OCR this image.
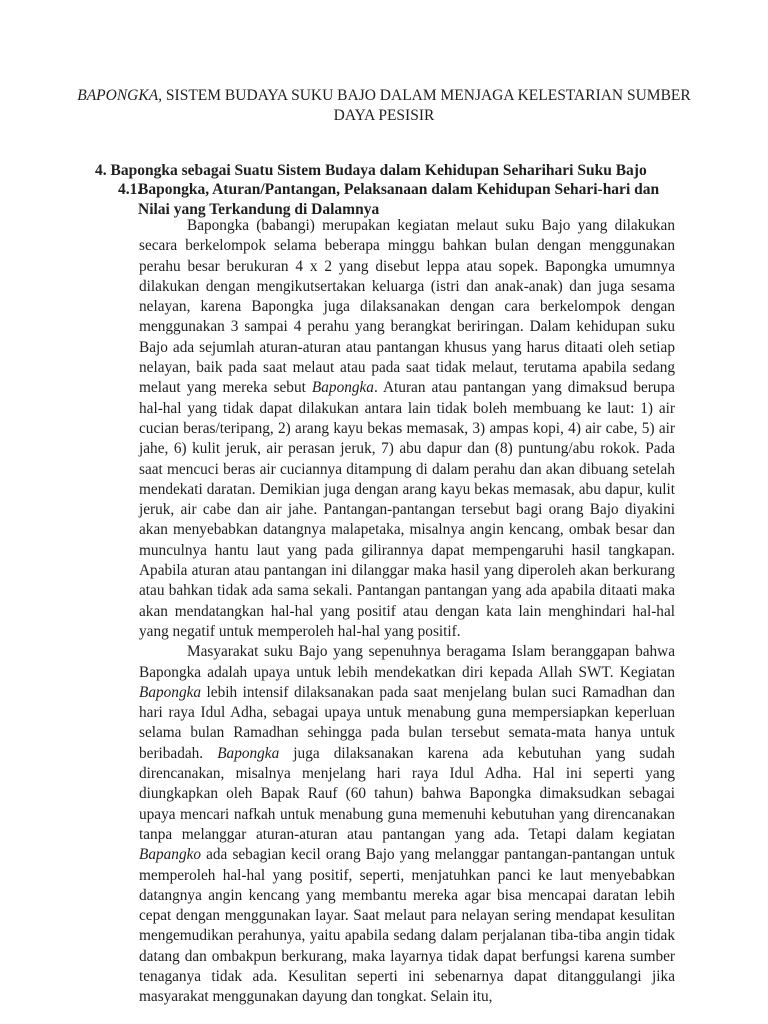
BAPONGKA, SISTEM BUDAYA SUKU BAJO DALAM MENJAGA KELESTARIAN SUMBER DAYA PESISIR
4. Bapongka sebagai Suatu Sistem Budaya dalam Kehidupan Seharihari Suku Bajo
4.1.
Bapongka, Aturan/Pantangan, Pelaksanaan dalam Kehidupan Sehari-hari dan Nilai yang Terkandung di Dalamnya

Bapongka (babangi) merupakan kegiatan melaut suku Bajo yang dilakukan secara berkelompok selama beberapa minggu bahkan bulan dengan menggunakan perahu besar berukuran 4 x 2 yang disebut leppa atau sopek. Bapongka umumnya dilakukan dengan mengikutsertakan keluarga (istri dan anak-anak) dan juga sesama nelayan, karena Bapongka juga dilaksanakan dengan cara berkelompok dengan menggunakan 3 sampai 4 perahu yang berangkat beriringan. Dalam kehidupan suku Bajo ada sejumlah aturan-aturan atau pantangan khusus yang harus ditaati oleh setiap nelayan, baik pada saat melaut atau pada saat tidak melaut, terutama apabila sedang melaut yang mereka sebut Bapongka. Aturan atau pantangan yang dimaksud berupa hal-hal yang tidak dapat dilakukan antara lain tidak boleh membuang ke laut: 1) air cucian beras/teripang, 2) arang kayu bekas memasak, 3) ampas kopi, 4) air cabe, 5) air jahe, 6) kulit jeruk, air perasan jeruk, 7) abu dapur dan (8) puntung/abu rokok. Pada saat mencuci beras air cuciannya ditampung di dalam perahu dan akan dibuang setelah mendekati daratan. Demikian juga dengan arang kayu bekas memasak, abu dapur, kulit jeruk, air cabe dan air jahe. Pantangan-pantangan tersebut bagi orang Bajo diyakini akan menyebabkan datangnya malapetaka, misalnya angin kencang, ombak besar dan munculnya hantu laut yang pada gilirannya dapat mempengaruhi hasil tangkapan. Apabila aturan atau pantangan ini dilanggar maka hasil yang diperoleh akan berkurang atau bahkan tidak ada sama sekali. Pantangan pantangan yang ada apabila ditaati maka akan mendatangkan hal-hal yang positif atau dengan kata lain menghindari hal-hal yang negatif untuk memperoleh hal-hal yang positif.

Masyarakat suku Bajo yang sepenuhnya beragama Islam beranggapan bahwa Bapongka adalah upaya untuk lebih mendekatkan diri kepada Allah SWT. Kegiatan Bapongka lebih intensif dilaksanakan pada saat menjelang bulan suci Ramadhan dan hari raya Idul Adha, sebagai upaya untuk menabung guna mempersiapkan keperluan selama bulan Ramadhan sehingga pada bulan tersebut semata-mata hanya untuk beribadah. Bapongka juga dilaksanakan karena ada kebutuhan yang sudah direncanakan, misalnya menjelang hari raya Idul Adha. Hal ini seperti yang diungkapkan oleh Bapak Rauf (60 tahun) bahwa Bapongka dimaksudkan sebagai upaya mencari nafkah untuk menabung guna memenuhi kebutuhan yang direncanakan tanpa melanggar aturan-aturan atau pantangan yang ada. Tetapi dalam kegiatan Bapangko ada sebagian kecil orang Bajo yang melanggar pantangan-pantangan untuk memperoleh hal-hal yang positif, seperti, menjatuhkan panci ke laut menyebabkan datangnya angin kencang yang membantu mereka agar bisa mencapai daratan lebih cepat dengan menggunakan layar. Saat melaut para nelayan sering mendapat kesulitan mengemudikan perahunya, yaitu apabila sedang dalam perjalanan tiba-tiba angin tidak datang dan ombakpun berkurang, maka layarnya tidak dapat berfungsi karena sumber tenaganya tidak ada. Kesulitan seperti ini sebenarnya dapat ditanggulangi jika masyarakat menggunakan dayung dan tongkat. Selain itu,
